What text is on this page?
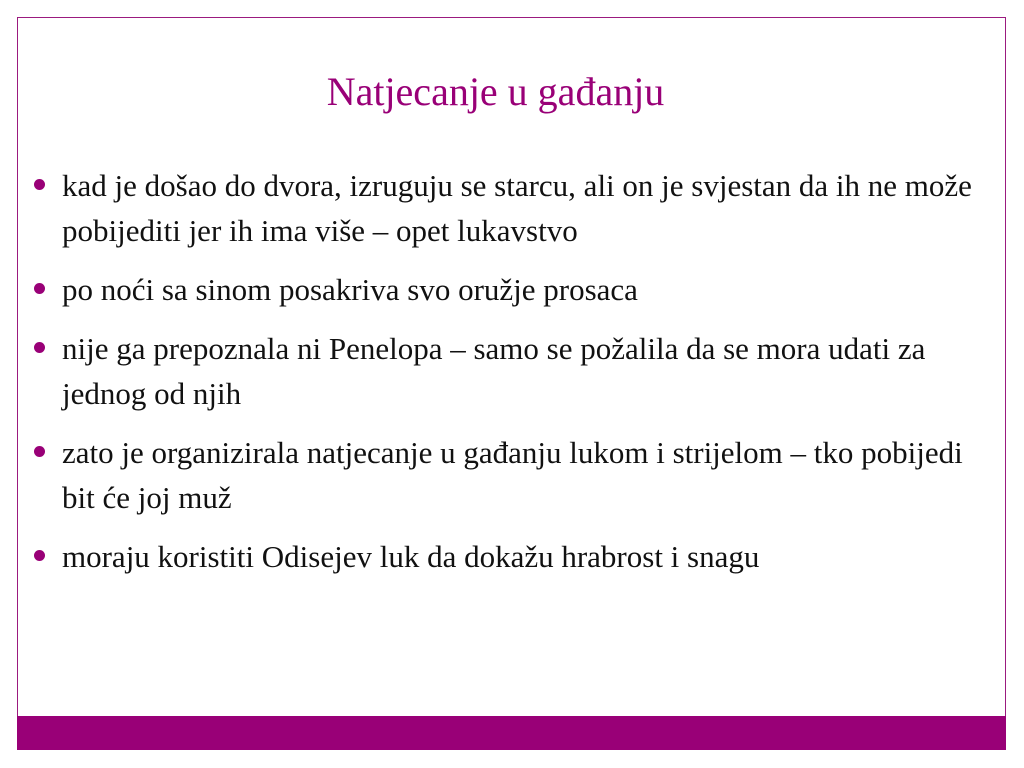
Natjecanje u gađanju
kad je došao do dvora, izruguju se starcu, ali on je svjestan da ih ne može pobijediti jer ih ima više – opet lukavstvo
po noći sa sinom posakriva svo oružje prosaca
nije ga prepoznala ni Penelopa – samo se požalila da se mora udati za jednog od njih
zato je organizirala natjecanje u gađanju lukom i strijelom – tko pobijedi bit će joj muž
moraju koristiti Odisejev luk da dokažu hrabrost i snagu
